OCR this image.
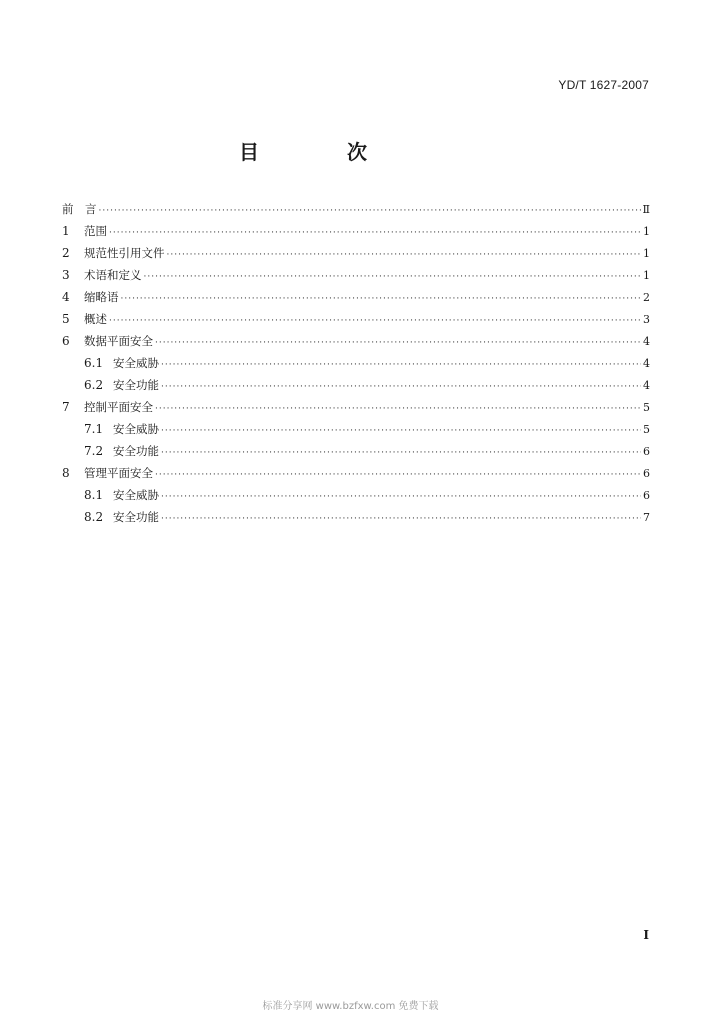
YD/T 1627-2007
目　次
前　言 ·····	Ⅱ
1	范围 ·····	1
2	规范性引用文件 ·····	1
3	术语和定义 ·····	1
4	缩略语 ·····	2
5	概述 ·····	3
6	数据平面安全 ·····	4
6.1 安全威胁 ·····	4
6.2 安全功能 ·····	4
7	控制平面安全 ·····	5
7.1 安全威胁 ·····	5
7.2 安全功能 ·····	6
8	管理平面安全 ·····	6
8.1 安全威胁 ·····	6
8.2 安全功能 ·····	7
I
标准分享网 www.bzfxw.com 免费下载
